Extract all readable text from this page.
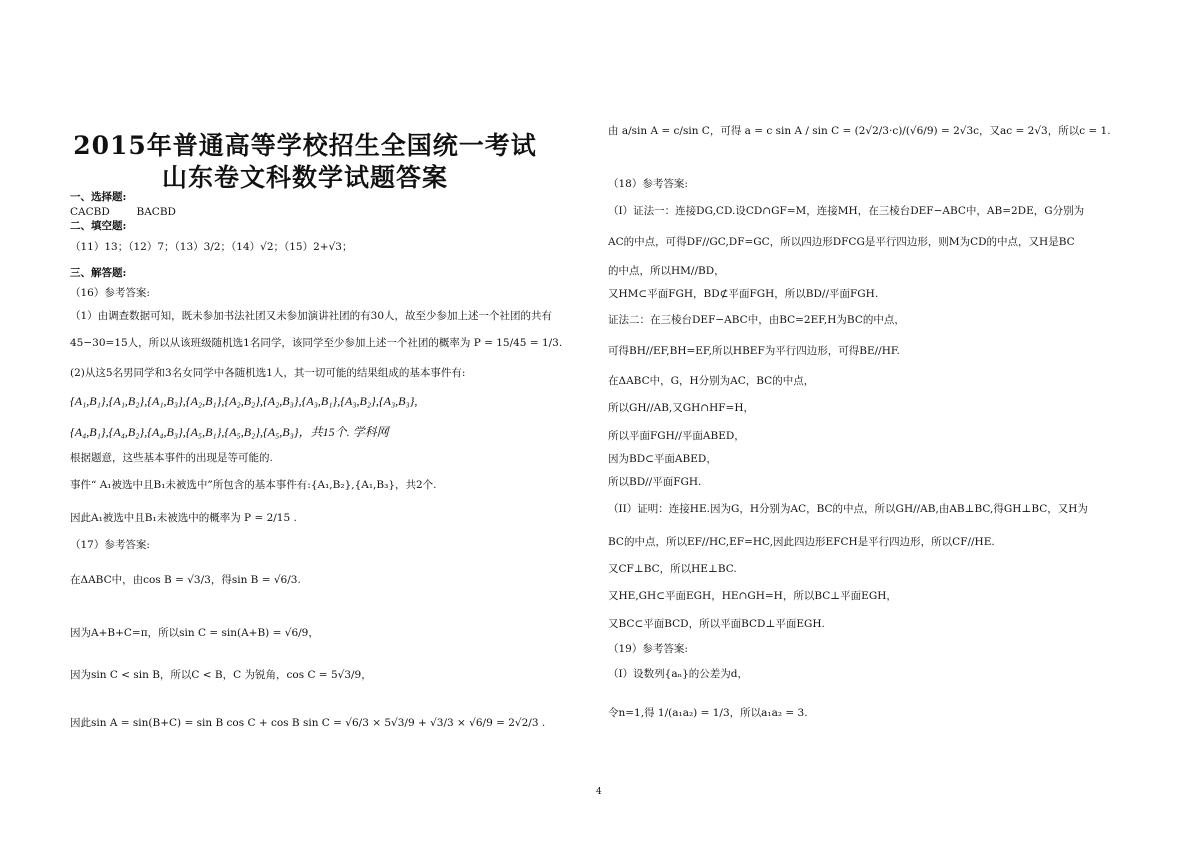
2015年普通高等学校招生全国统一考试
山东卷文科数学试题答案
一、选择题:
CACBD        BACBD
二、填空题:
（11）13；（12）7；（13）3/2；（14）√2；（15）2+√3；
三、解答题:
（16）参考答案:
（1）由调查数据可知，既未参加书法社团又未参加演讲社团的有30人，故至少参加上述一个社团的共有
45−30=15人，所以从该班级随机选1名同学，该同学至少参加上述一个社团的概率为 P = 15/45 = 1/3.
(2)从这5名男同学和3名女同学中各随机选1人，其一切可能的结果组成的基本事件有:
{A₁,B₁},{A₁,B₂},{A₁,B₃},{A₂,B₁},{A₂,B₂},{A₂,B₃},{A₃,B₁},{A₃,B₂},{A₃,B₃},
{A₄,B₁},{A₄,B₂},{A₄,B₃},{A₅,B₁},{A₅,B₂},{A₅,B₃}，共15个. 学科网
根据题意，这些基本事件的出现是等可能的.
事件“ A₁被选中且B₁未被选中”所包含的基本事件有:{A₁,B₂},{A₁,B₃}，共2个.
因此A₁被选中且B₁未被选中的概率为 P = 2/15 .
（17）参考答案:
在ΔABC中，由cos B = √3/3，得sin B = √6/3.
因为A+B+C=π，所以sin C = sin(A+B) = √6/9，
因为sin C < sin B，所以C < B，C 为锐角，cos C = 5√3/9，
因此sin A = sin(B+C) = sin B cos C + cos B sin C = √6/3 × 5√3/9 + √3/3 × √6/9 = 2√2/3 .
由 a/sin A = c/sin C，可得 a = c sin A / sin C = (2√2/3·c)/(√6/9) = 2√3c，又ac = 2√3，所以c = 1.
（18）参考答案:
（I）证法一：连接DG,CD.设CD∩GF=M，连接MH，在三棱台DEF−ABC中，AB=2DE，G分别为
AC的中点，可得DF//GC,DF=GC，所以四边形DFCG是平行四边形，则M为CD的中点，又H是BC
的中点，所以HM//BD，
又HM⊂平面FGH，BD⊄平面FGH，所以BD//平面FGH.
证法二：在三棱台DEF−ABC中，由BC=2EF,H为BC的中点，
可得BH//EF,BH=EF,所以HBEF为平行四边形，可得BE//HF.
在ΔABC中，G，H分别为AC，BC的中点，
所以GH//AB,又GH∩HF=H，
所以平面FGH//平面ABED，
因为BD⊂平面ABED，
所以BD//平面FGH.
（II）证明：连接HE.因为G，H分别为AC，BC的中点，所以GH//AB,由AB⊥BC,得GH⊥BC，又H为
BC的中点，所以EF//HC,EF=HC,因此四边形EFCH是平行四边形，所以CF//HE.
又CF⊥BC，所以HE⊥BC.
又HE,GH⊂平面EGH，HE∩GH=H，所以BC⊥平面EGH，
又BC⊂平面BCD，所以平面BCD⊥平面EGH.
（19）参考答案:
（I）设数列{aₙ}的公差为d，
令n=1,得 1/(a₁a₂) = 1/3，所以a₁a₂ = 3.
4
